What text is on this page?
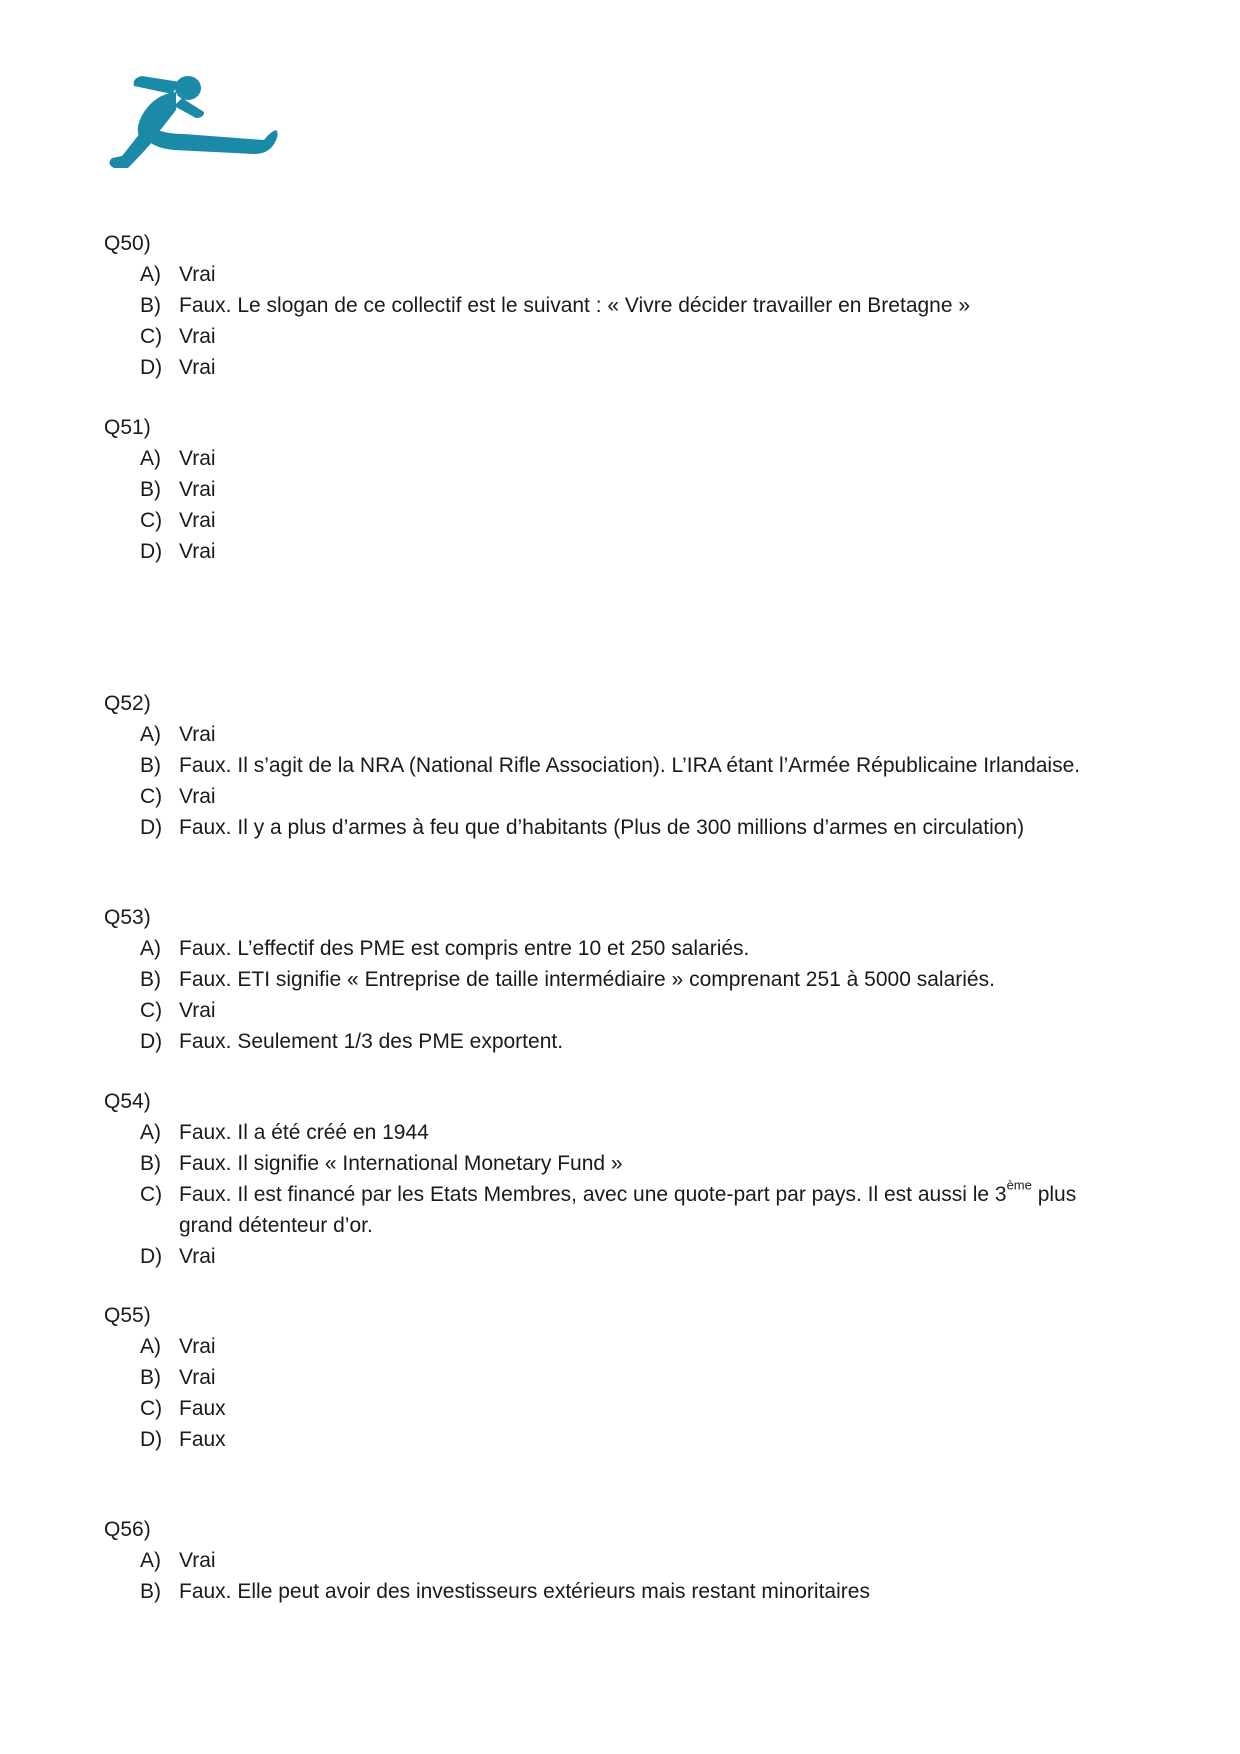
Q50)
A) Vrai
B) Faux. Le slogan de ce collectif est le suivant : « Vivre décider travailler en Bretagne »
C) Vrai
D) Vrai
Q51)
A) Vrai
B) Vrai
C) Vrai
D) Vrai
Q52)
A) Vrai
B) Faux. Il s’agit de la NRA (National Rifle Association). L’IRA étant l’Armée Républicaine Irlandaise.
C) Vrai
D) Faux. Il y a plus d’armes à feu que d’habitants (Plus de 300 millions d’armes en circulation)
Q53)
A) Faux. L’effectif des PME est compris entre 10 et 250 salariés.
B) Faux. ETI signifie « Entreprise de taille intermédiaire » comprenant 251 à 5000 salariés.
C) Vrai
D) Faux. Seulement 1/3 des PME exportent.
Q54)
A) Faux. Il a été créé en 1944
B) Faux. Il signifie « International Monetary Fund »
C) Faux. Il est financé par les Etats Membres, avec une quote-part par pays. Il est aussi le 3ème plus grand détenteur d’or.
D) Vrai
Q55)
A) Vrai
B) Vrai
C) Faux
D) Faux
Q56)
A) Vrai
B) Faux. Elle peut avoir des investisseurs extérieurs mais restant minoritaires
